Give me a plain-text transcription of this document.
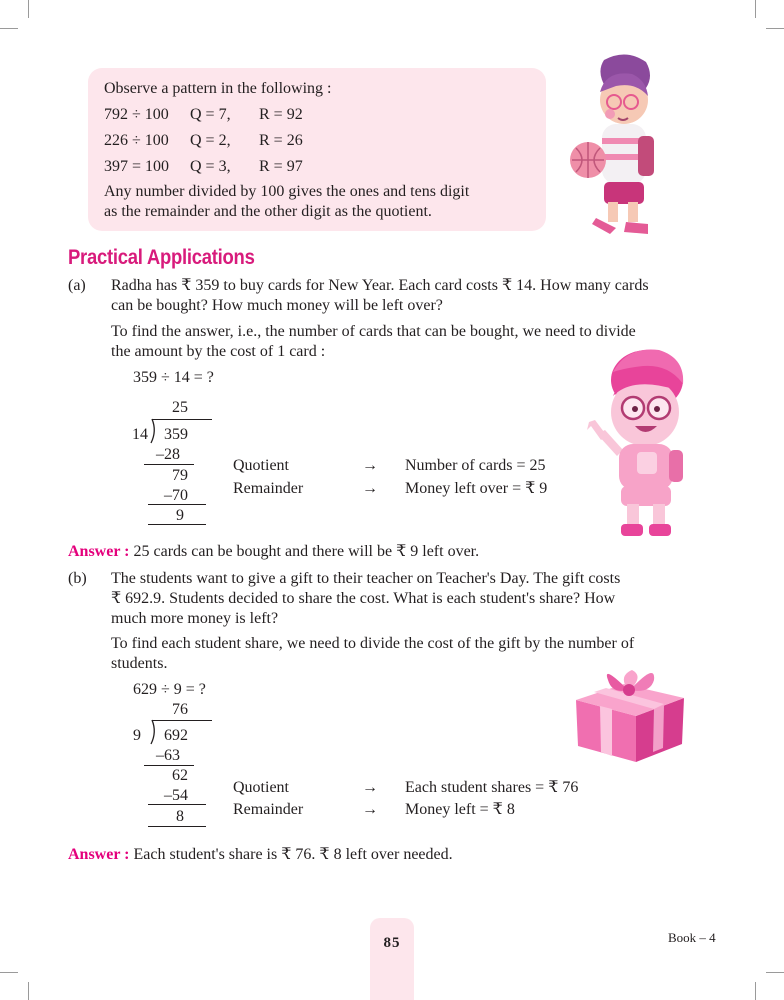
Observe a pattern in the following :
792 ÷ 100 Q = 7, R = 92
226 ÷ 100 Q = 2, R = 26
397 = 100 Q = 3, R = 97
Any number divided by 100 gives the ones and tens digit
as the remainder and the other digit as the quotient.
Practical Applications
(a) Radha has ₹ 359 to buy cards for New Year. Each card costs ₹ 14. How many cards
can be bought? How much money will be left over?
To find the answer, i.e., the number of cards that can be bought, we need to divide
the amount by the cost of 1 card :
359 ÷ 14 = ?
25
14 359
–28
79
–70
9
Quotient	→ Number of cards = 25
Remainder	→ Money left over = ₹ 9
Answer : 25 cards can be bought and there will be ₹ 9 left over.
(b) The students want to give a gift to their teacher on Teacher's Day. The gift costs
₹ 692.9. Students decided to share the cost. What is each student's share? How
much more money is left?
To find each student share, we need to divide the cost of the gift by the number of
students.
629 ÷ 9 = ?
76
9 692
–63
62
–54
8
Quotient	→ Each student shares = ₹ 76
Remainder	→ Money left = ₹ 8
Answer : Each student's share is ₹ 76. ₹ 8 left over needed.
85	Book – 4
